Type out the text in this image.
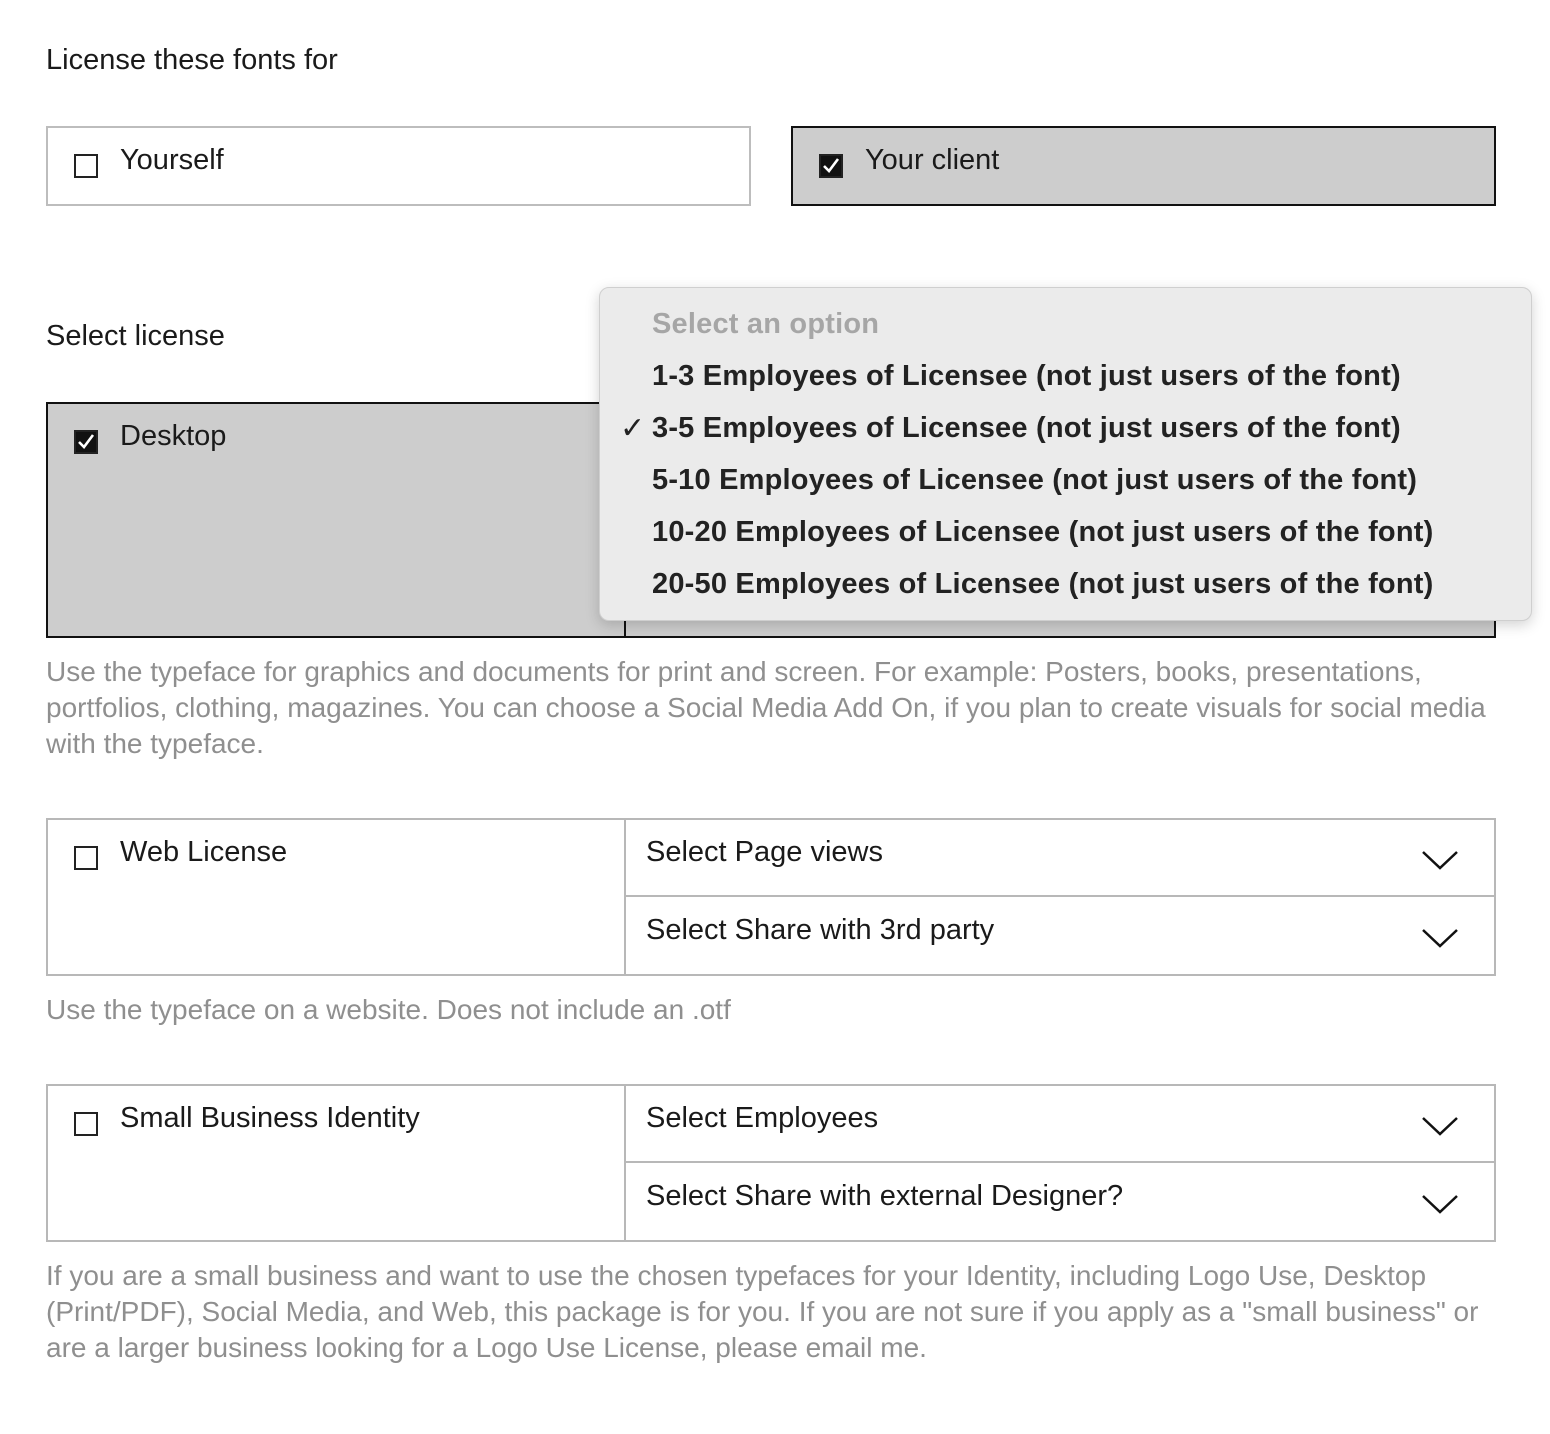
License these fonts for
Yourself	Your client
Select license
Desktop
Use the typeface for graphics and documents for print and screen. For example: Posters, books, presentations, portfolios, clothing, magazines. You can choose a Social Media Add On, if you plan to create visuals for social media with the typeface.
Web License	Select Page views
Select Share with 3rd party
Use the typeface on a website. Does not include an .otf
Small Business Identity	Select Employees
Select Share with external Designer?
If you are a small business and want to use the chosen typefaces for your Identity, including Logo Use, Desktop (Print/PDF), Social Media, and Web, this package is for you. If you are not sure if you apply as a "small business" or are a larger business looking for a Logo Use License, please email me.
Select an option
1-3 Employees of Licensee (not just users of the font)
✓ 3-5 Employees of Licensee (not just users of the font)
5-10 Employees of Licensee (not just users of the font)
10-20 Employees of Licensee (not just users of the font)
20-50 Employees of Licensee (not just users of the font)
